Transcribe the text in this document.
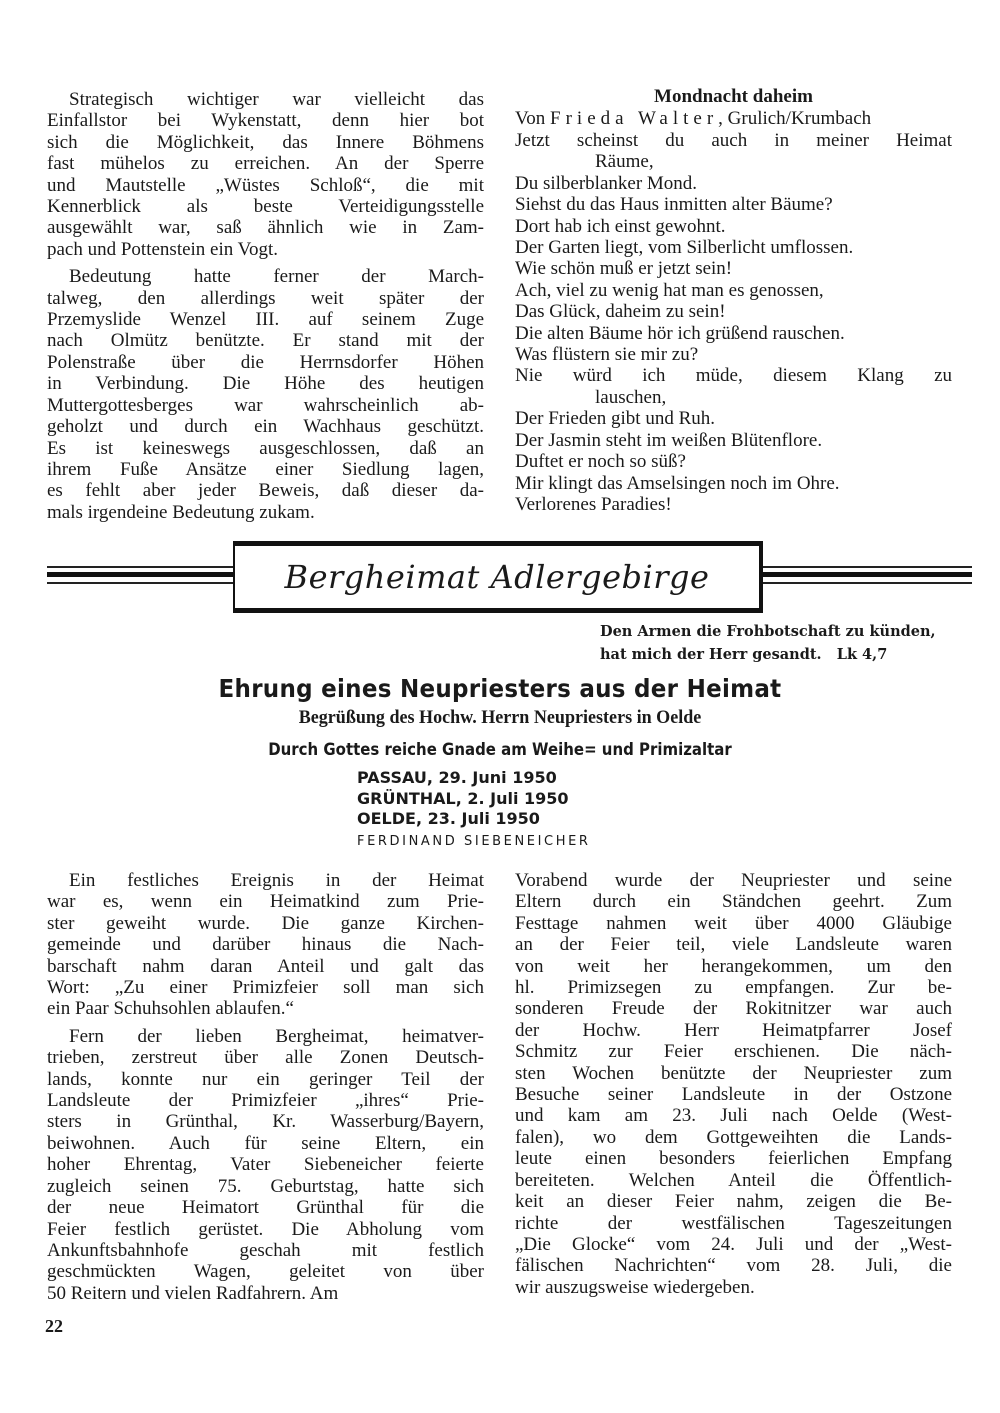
Strategisch wichtiger war vielleicht das
Einfallstor bei Wykenstatt, denn hier bot
sich die Möglichkeit, das Innere Böhmens
fast mühelos zu erreichen. An der Sperre
und Mautstelle „Wüstes Schloß“, die mit
Kennerblick als beste Verteidigungsstelle
ausgewählt war, saß ähnlich wie in Zam-
pach und Pottenstein ein Vogt.
Bedeutung hatte ferner der March-
talweg, den allerdings weit später der
Przemyslide Wenzel III. auf seinem Zuge
nach Olmütz benützte. Er stand mit der
Polenstraße über die Herrnsdorfer Höhen
in Verbindung. Die Höhe des heutigen
Muttergottesberges war wahrscheinlich ab-
geholzt und durch ein Wachhaus geschützt.
Es ist keineswegs ausgeschlossen, daß an
ihrem Fuße Ansätze einer Siedlung lagen,
es fehlt aber jeder Beweis, daß dieser da-
mals irgendeine Bedeutung zukam.
Mondnacht daheim
Von Frieda Walter, Grulich/Krumbach
Jetzt scheinst du auch in meiner Heimat
Räume,
Du silberblanker Mond.
Siehst du das Haus inmitten alter Bäume?
Dort hab ich einst gewohnt.
Der Garten liegt, vom Silberlicht umflossen.
Wie schön muß er jetzt sein!
Ach, viel zu wenig hat man es genossen,
Das Glück, daheim zu sein!
Die alten Bäume hör ich grüßend rauschen.
Was flüstern sie mir zu?
Nie würd ich müde, diesem Klang zu
lauschen,
Der Frieden gibt und Ruh.
Der Jasmin steht im weißen Blütenflore.
Duftet er noch so süß?
Mir klingt das Amselsingen noch im Ohre.
Verlorenes Paradies!
Bergheimat Adlergebirge
Den Armen die Frohbotschaft zu künden,
hat mich der Herr gesandt. Lk 4,7
Ehrung eines Neupriesters aus der Heimat
Begrüßung des Hochw. Herrn Neupriesters in Oelde
Durch Gottes reiche Gnade am Weihe= und Primizaltar
PASSAU, 29. Juni 1950
GRÜNTHAL, 2. Juli 1950
OELDE, 23. Juli 1950
FERDINAND SIEBENEICHER
Ein festliches Ereignis in der Heimat
war es, wenn ein Heimatkind zum Prie-
ster geweiht wurde. Die ganze Kirchen-
gemeinde und darüber hinaus die Nach-
barschaft nahm daran Anteil und galt das
Wort: „Zu einer Primizfeier soll man sich
ein Paar Schuhsohlen ablaufen.“
Fern der lieben Bergheimat, heimatver-
trieben, zerstreut über alle Zonen Deutsch-
lands, konnte nur ein geringer Teil der
Landsleute der Primizfeier „ihres“ Prie-
sters in Grünthal, Kr. Wasserburg/Bayern,
beiwohnen. Auch für seine Eltern, ein
hoher Ehrentag, Vater Siebeneicher feierte
zugleich seinen 75. Geburtstag, hatte sich
der neue Heimatort Grünthal für die
Feier festlich gerüstet. Die Abholung vom
Ankunftsbahnhofe geschah mit festlich
geschmückten Wagen, geleitet von über
50 Reitern und vielen Radfahrern. Am
Vorabend wurde der Neupriester und seine
Eltern durch ein Ständchen geehrt. Zum
Festtage nahmen weit über 4000 Gläubige
an der Feier teil, viele Landsleute waren
von weit her herangekommen, um den
hl. Primizsegen zu empfangen. Zur be-
sonderen Freude der Rokitnitzer war auch
der Hochw. Herr Heimatpfarrer Josef
Schmitz zur Feier erschienen. Die näch-
sten Wochen benützte der Neupriester zum
Besuche seiner Landsleute in der Ostzone
und kam am 23. Juli nach Oelde (West-
falen), wo dem Gottgeweihten die Lands-
leute einen besonders feierlichen Empfang
bereiteten. Welchen Anteil die Öffentlich-
keit an dieser Feier nahm, zeigen die Be-
richte der westfälischen Tageszeitungen
„Die Glocke“ vom 24. Juli und der „West-
fälischen Nachrichten“ vom 28. Juli, die
wir auszugsweise wiedergeben.
22
